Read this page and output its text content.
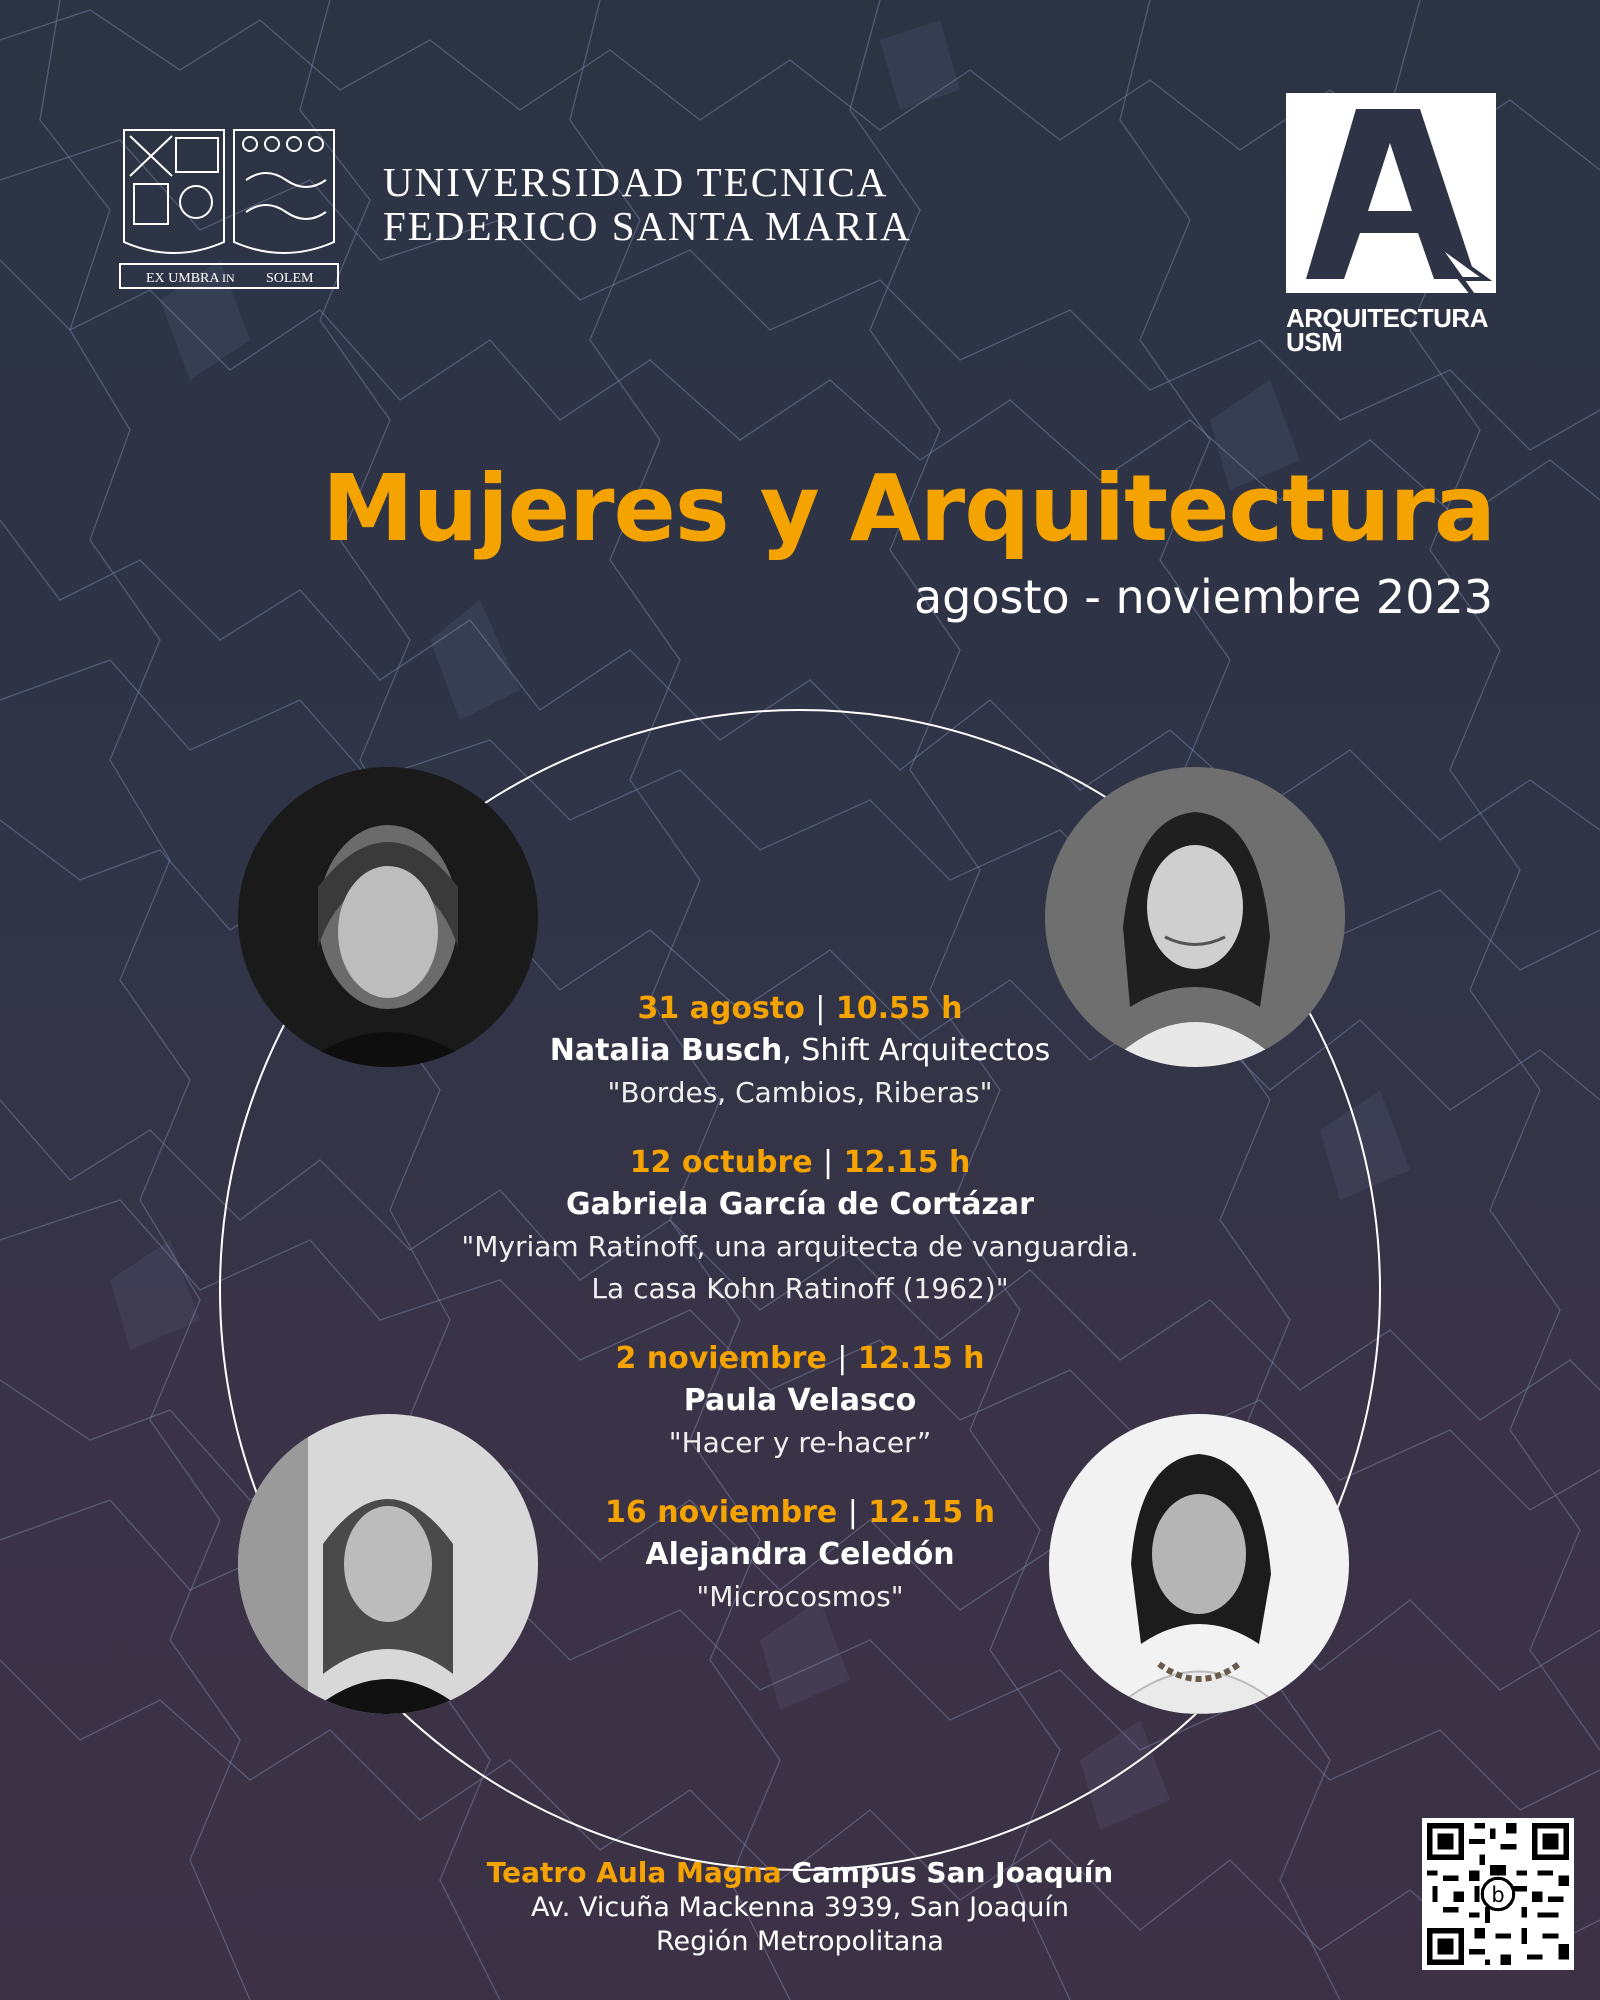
EX UMBRA IN SOLEM
UNIVERSIDAD TECNICA
FEDERICO SANTA MARIA
ARQUITECTURA
USM
Mujeres y Arquitectura
agosto - noviembre 2023
31 agosto | 10.55 h
Natalia Busch, Shift Arquitectos
"Bordes, Cambios, Riberas"
12 octubre | 12.15 h
Gabriela García de Cortázar
"Myriam Ratinoff, una arquitecta de vanguardia.
La casa Kohn Ratinoff (1962)"
2 noviembre | 12.15 h
Paula Velasco
"Hacer y re-hacer”
16 noviembre | 12.15 h
Alejandra Celedón
"Microcosmos"
Teatro Aula Magna Campus San Joaquín
Av. Vicuña Mackenna 3939, San Joaquín
Región Metropolitana
b
